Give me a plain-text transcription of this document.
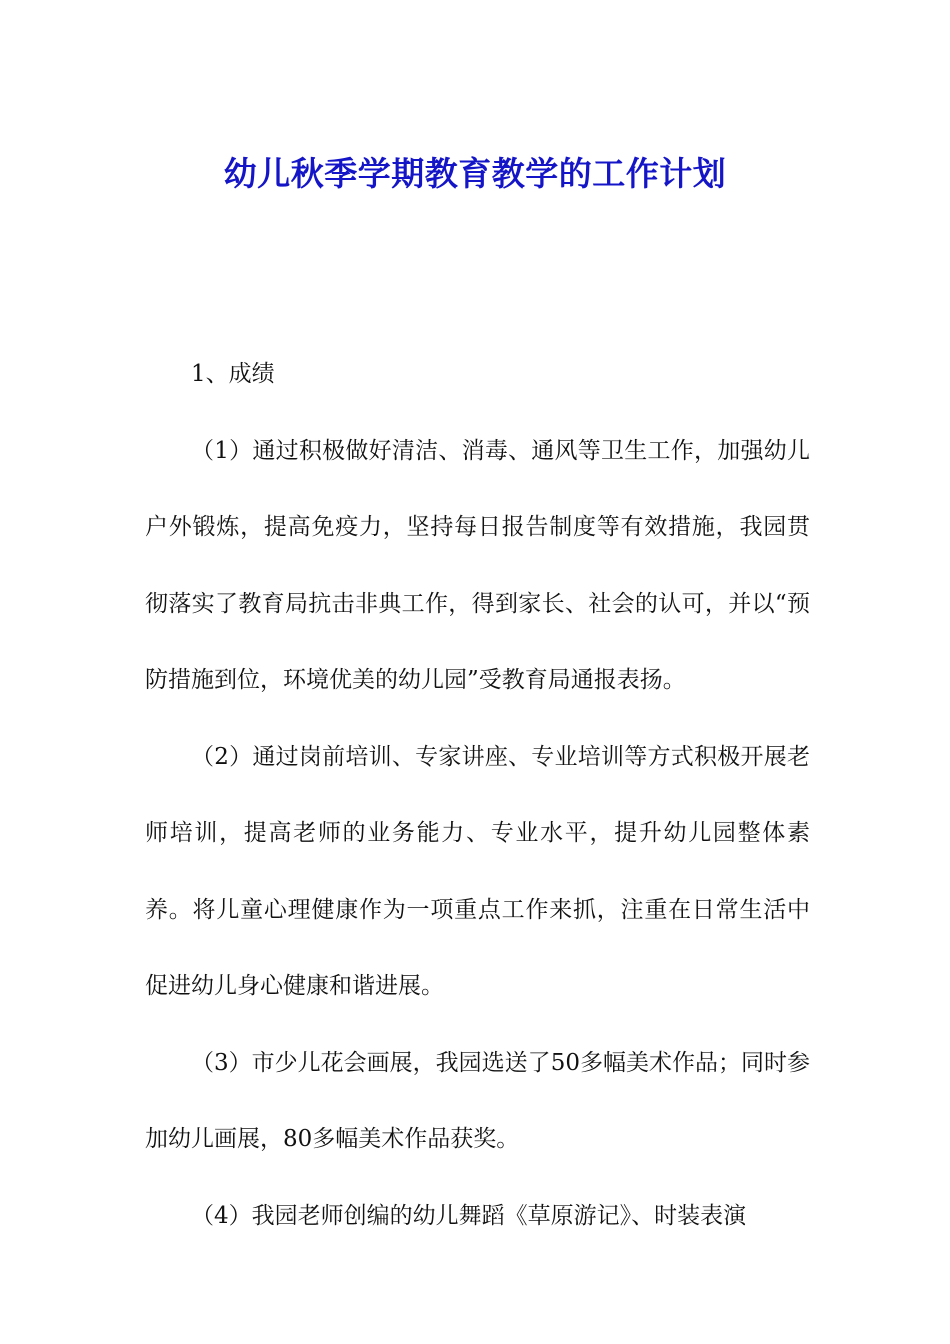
幼儿秋季学期教育教学的工作计划

1、成绩

（1）通过积极做好清洁、消毒、通风等卫生工作，加强幼儿户外锻炼，提高免疫力，坚持每日报告制度等有效措施，我园贯彻落实了教育局抗击非典工作，得到家长、社会的认可，并以“预防措施到位，环境优美的幼儿园”受教育局通报表扬。

（2）通过岗前培训、专家讲座、专业培训等方式积极开展老师培训，提高老师的业务能力、专业水平，提升幼儿园整体素养。将儿童心理健康作为一项重点工作来抓，注重在日常生活中促进幼儿身心健康和谐进展。

（3）市少儿花会画展，我园选送了50多幅美术作品；同时参加幼儿画展，80多幅美术作品获奖。

（4）我园老师创编的幼儿舞蹈《草原游记》、时装表演
